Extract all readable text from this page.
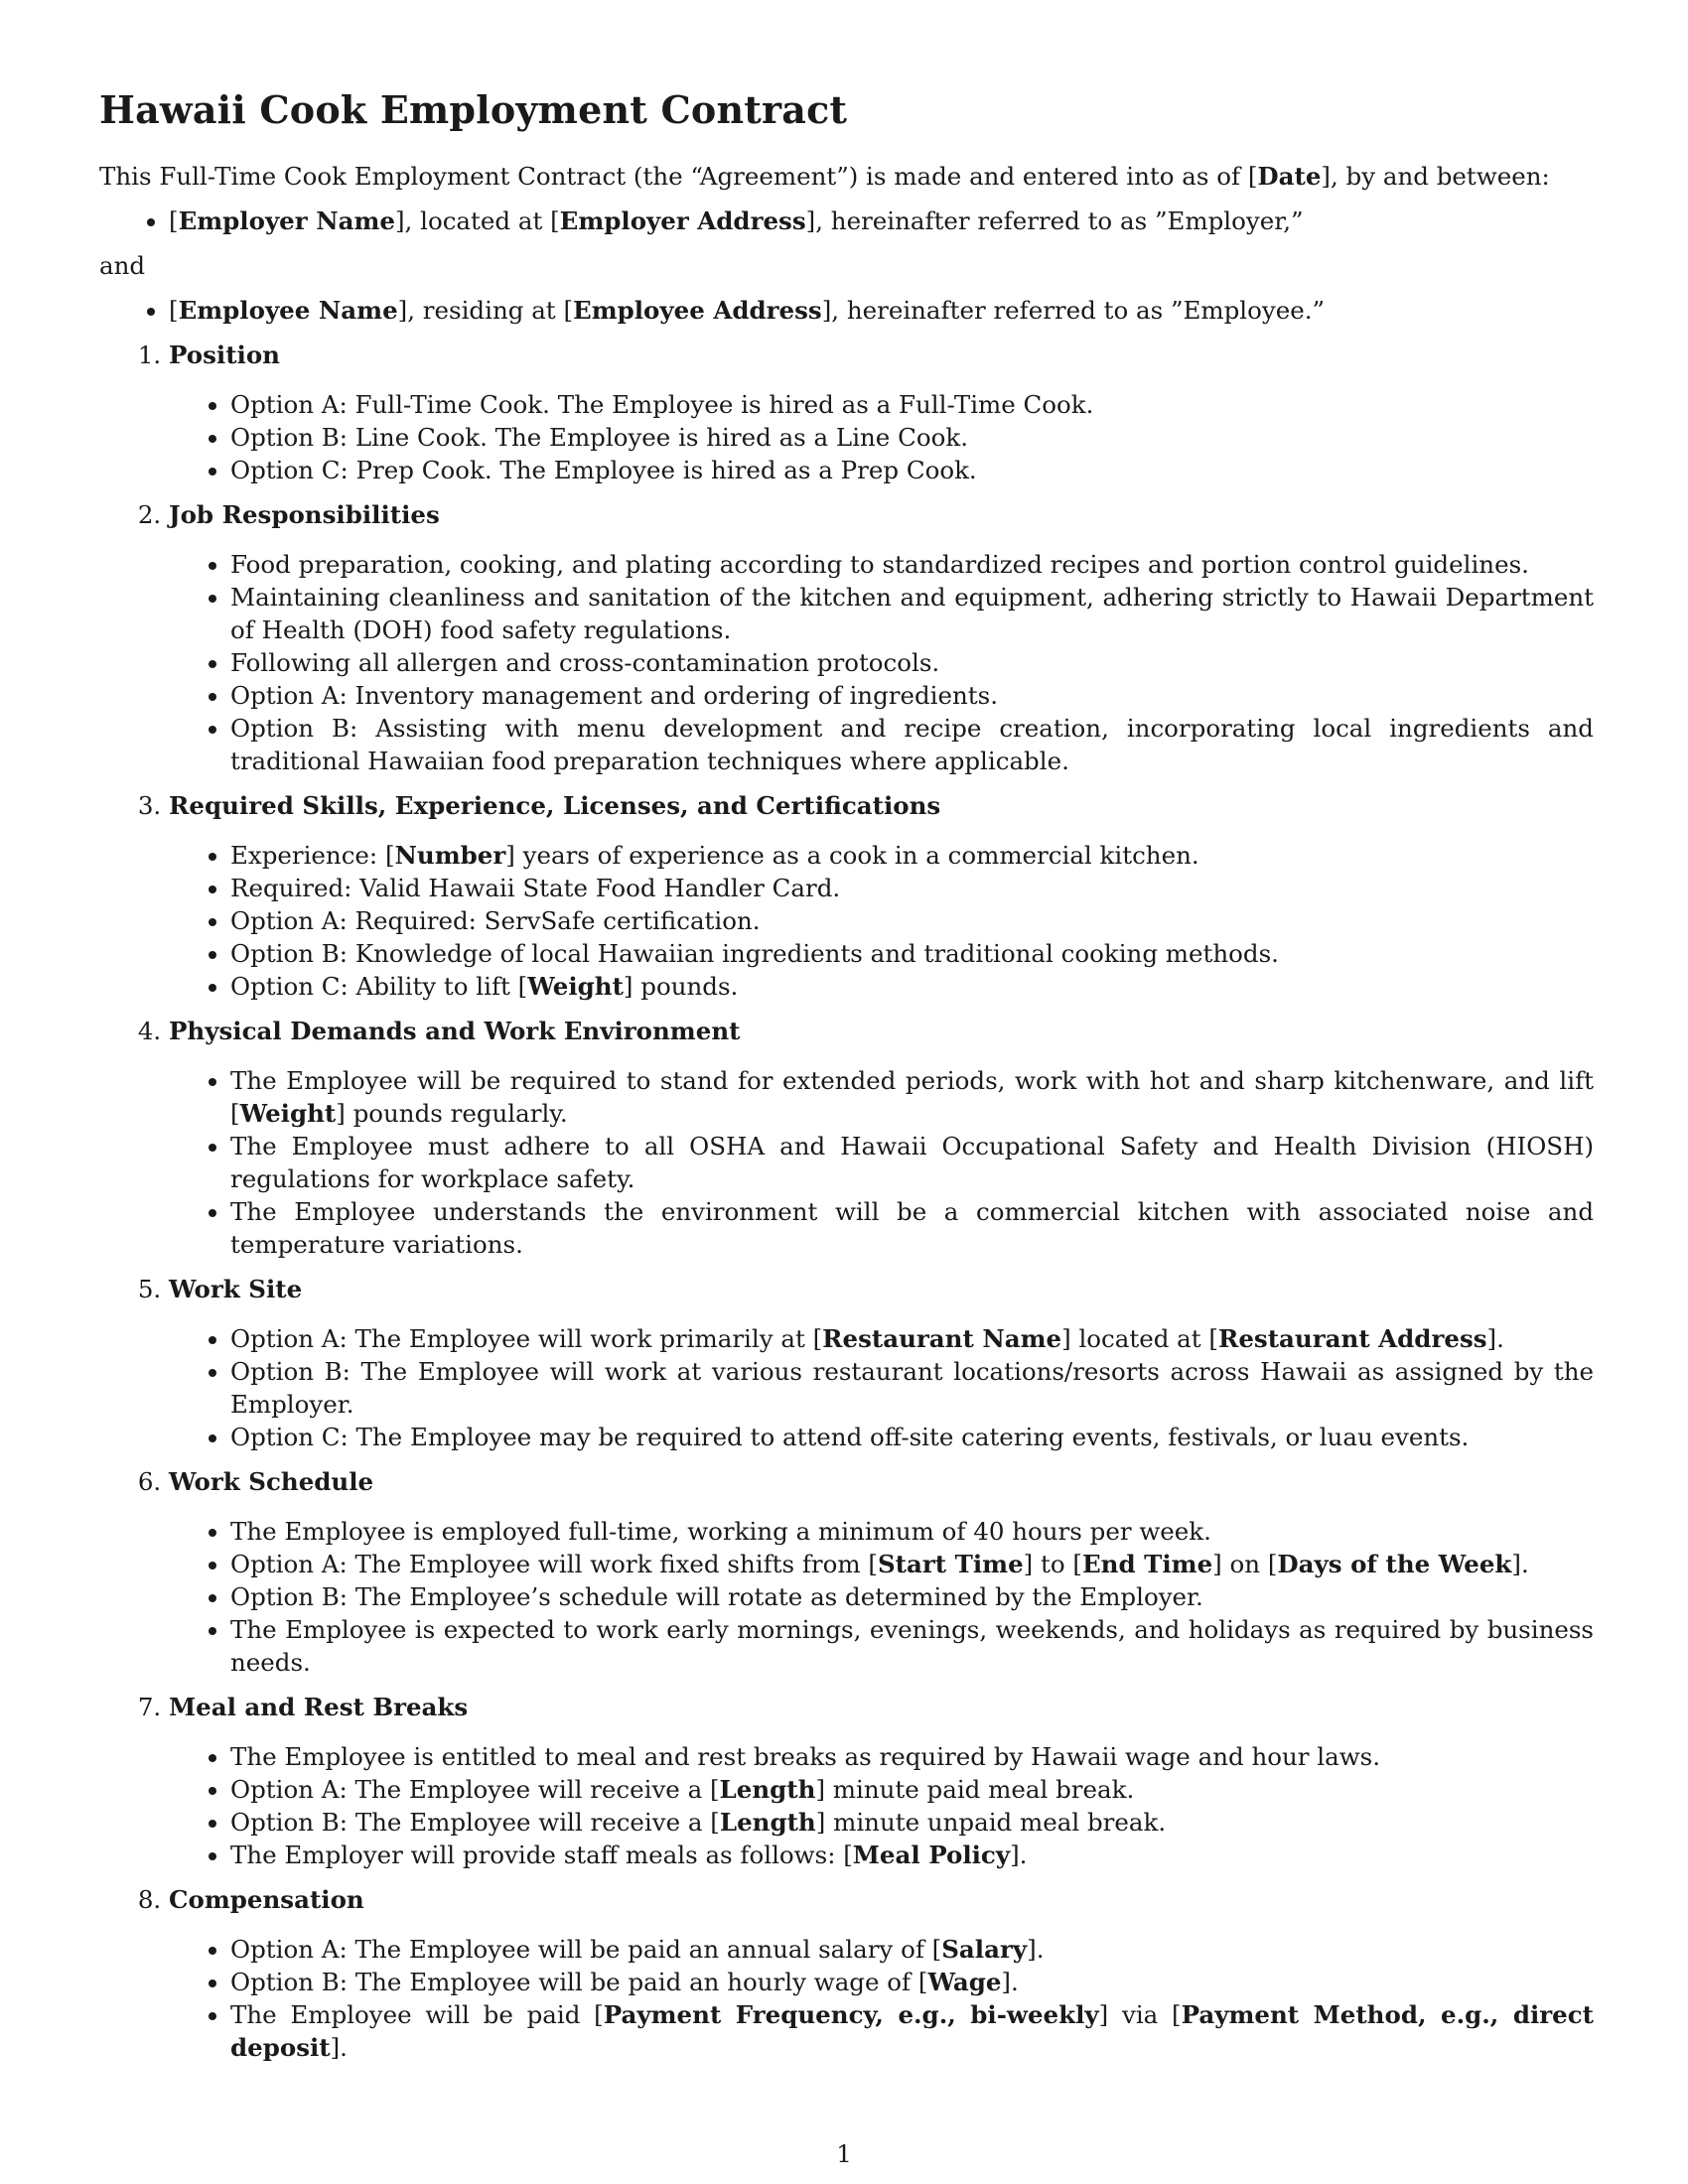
Hawaii Cook Employment Contract

This Full-Time Cook Employment Contract (the “Agreement”) is made and entered into as of [Date], by and between:

• [Employer Name], located at [Employer Address], hereinafter referred to as ”Employer,”

and

• [Employee Name], residing at [Employee Address], hereinafter referred to as ”Employee.”
1. Position
• Option A: Full-Time Cook. The Employee is hired as a Full-Time Cook.
• Option B: Line Cook. The Employee is hired as a Line Cook.
• Option C: Prep Cook. The Employee is hired as a Prep Cook.
2. Job Responsibilities
• Food preparation, cooking, and plating according to standardized recipes and portion control guidelines.
• Maintaining cleanliness and sanitation of the kitchen and equipment, adhering strictly to Hawaii Department of Health (DOH) food safety regulations.
• Following all allergen and cross-contamination protocols.
• Option A: Inventory management and ordering of ingredients.
• Option B: Assisting with menu development and recipe creation, incorporating local ingredients and traditional Hawaiian food preparation techniques where applicable.
3. Required Skills, Experience, Licenses, and Certifications
• Experience: [Number] years of experience as a cook in a commercial kitchen.
• Required: Valid Hawaii State Food Handler Card.
• Option A: Required: ServSafe certification.
• Option B: Knowledge of local Hawaiian ingredients and traditional cooking methods.
• Option C: Ability to lift [Weight] pounds.
4. Physical Demands and Work Environment
• The Employee will be required to stand for extended periods, work with hot and sharp kitchenware, and lift [Weight] pounds regularly.
• The Employee must adhere to all OSHA and Hawaii Occupational Safety and Health Division (HIOSH) regulations for workplace safety.
• The Employee understands the environment will be a commercial kitchen with associated noise and temperature variations.
5. Work Site
• Option A: The Employee will work primarily at [Restaurant Name] located at [Restaurant Address].
• Option B: The Employee will work at various restaurant locations/resorts across Hawaii as assigned by the Employer.
• Option C: The Employee may be required to attend off-site catering events, festivals, or luau events.
6. Work Schedule
• The Employee is employed full-time, working a minimum of 40 hours per week.
• Option A: The Employee will work fixed shifts from [Start Time] to [End Time] on [Days of the Week].
• Option B: The Employee’s schedule will rotate as determined by the Employer.
• The Employee is expected to work early mornings, evenings, weekends, and holidays as required by business needs.
7. Meal and Rest Breaks
• The Employee is entitled to meal and rest breaks as required by Hawaii wage and hour laws.
• Option A: The Employee will receive a [Length] minute paid meal break.
• Option B: The Employee will receive a [Length] minute unpaid meal break.
• The Employer will provide staff meals as follows: [Meal Policy].
8. Compensation
• Option A: The Employee will be paid an annual salary of [Salary].
• Option B: The Employee will be paid an hourly wage of [Wage].
• The Employee will be paid [Payment Frequency, e.g., bi-weekly] via [Payment Method, e.g., direct deposit].
1
